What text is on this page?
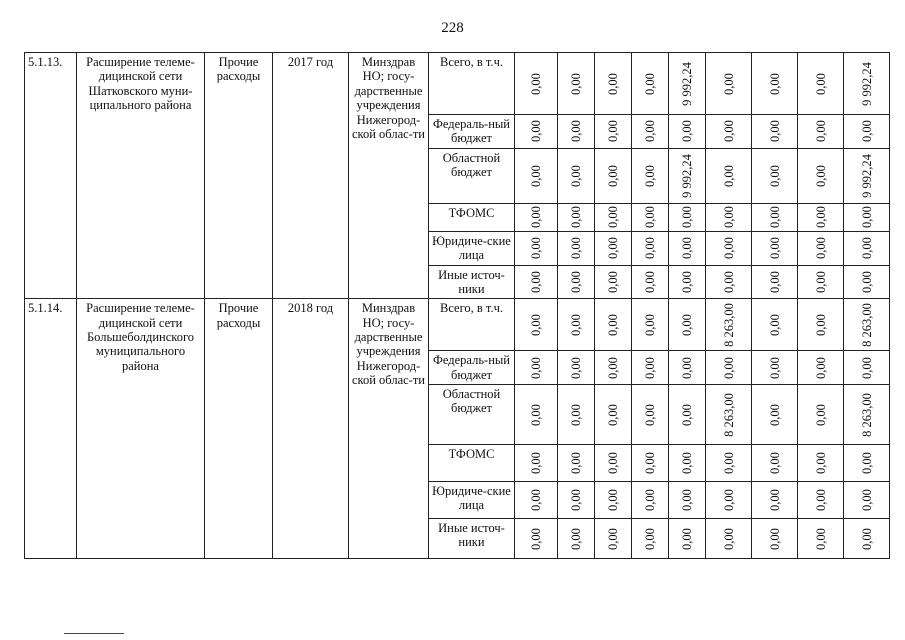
228
5.1.13.	Расширение телеме-дицинской сети Шатковского муни-ципального района	Прочие расходы	2017 год	Минздрав НО; госу-дарственные учреждения Нижегород-ской облас-ти	Всего, в т.ч.	0,00	0,00	0,00	0,00	9 992,24	0,00	0,00	0,00	9 992,24

					Федераль-ный бюджет	0,00	0,00	0,00	0,00	0,00	0,00	0,00	0,00	0,00

					Областной бюджет	0,00	0,00	0,00	0,00	9 992,24	0,00	0,00	0,00	9 992,24

					ТФОМС	0,00	0,00	0,00	0,00	0,00	0,00	0,00	0,00	0,00

					Юридиче-ские лица	0,00	0,00	0,00	0,00	0,00	0,00	0,00	0,00	0,00

					Иные источ-ники	0,00	0,00	0,00	0,00	0,00	0,00	0,00	0,00	0,00

5.1.14.	Расширение телеме-дицинской сети Большеболдинского муниципального района	Прочие расходы	2018 год	Минздрав НО; госу-дарственные учреждения Нижегород-ской облас-ти	Всего, в т.ч.	0,00	0,00	0,00	0,00	0,00	8 263,00	0,00	0,00	8 263,00

					Федераль-ный бюджет	0,00	0,00	0,00	0,00	0,00	0,00	0,00	0,00	0,00

					Областной бюджет	0,00	0,00	0,00	0,00	0,00	8 263,00	0,00	0,00	8 263,00

					ТФОМС	0,00	0,00	0,00	0,00	0,00	0,00	0,00	0,00	0,00

					Юридиче-ские лица	0,00	0,00	0,00	0,00	0,00	0,00	0,00	0,00	0,00

					Иные источ-ники	0,00	0,00	0,00	0,00	0,00	0,00	0,00	0,00	0,00
